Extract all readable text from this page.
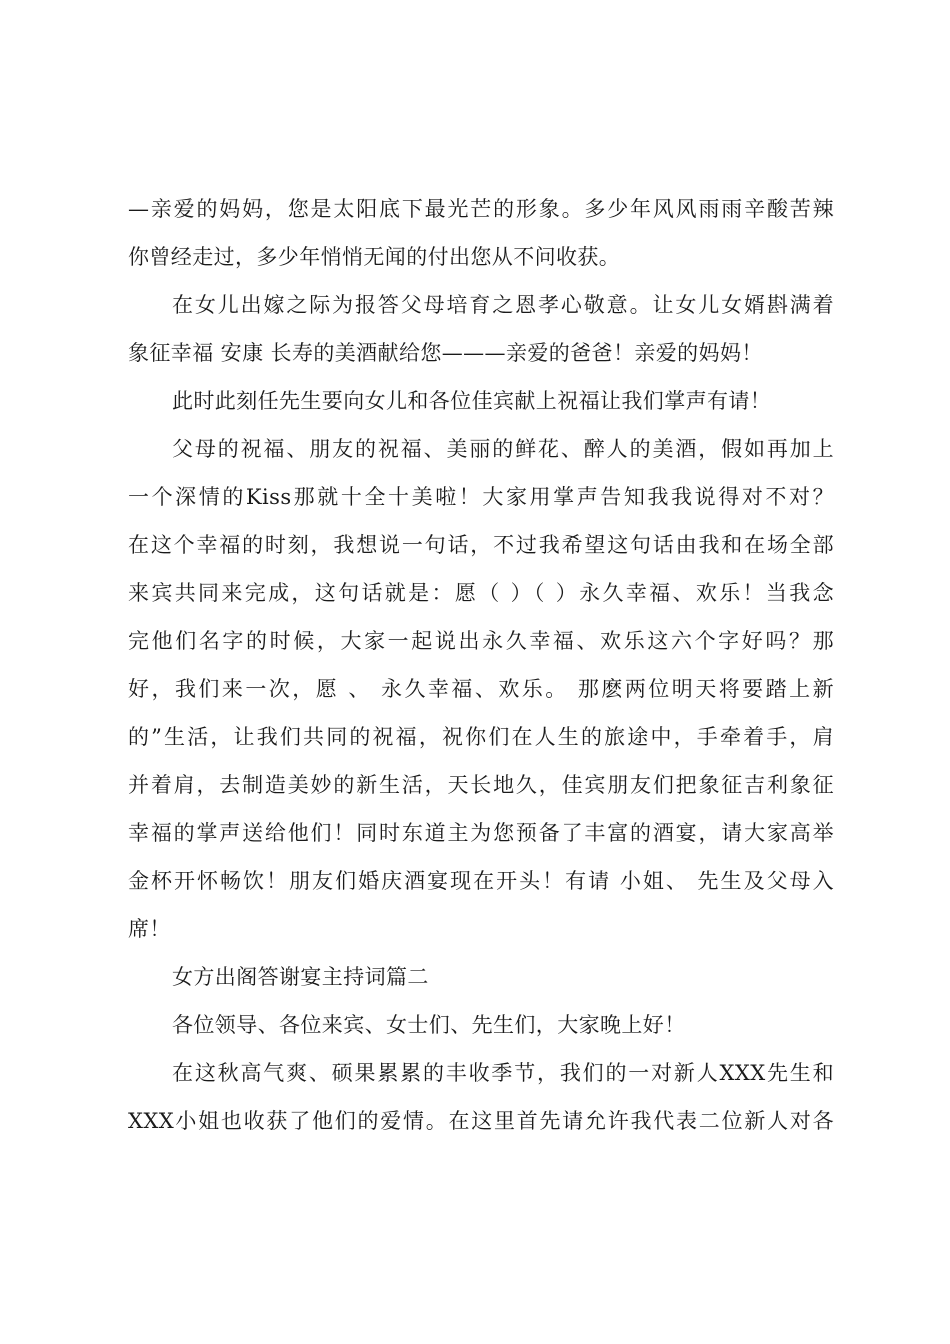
—亲爱的妈妈，您是太阳底下最光芒的形象。多少年风风雨雨辛酸苦辣
你曾经走过，多少年悄悄无闻的付出您从不问收获。
在女儿出嫁之际为报答父母培育之恩孝心敬意。让女儿女婿斟满着
象征幸福 安康 长寿的美酒献给您———亲爱的爸爸！亲爱的妈妈！
此时此刻任先生要向女儿和各位佳宾献上祝福让我们掌声有请！
父母的祝福、朋友的祝福、美丽的鲜花、醉人的美酒，假如再加上
一个深情的Kiss那就十全十美啦！大家用掌声告知我我说得对不对？
在这个幸福的时刻，我想说一句话，不过我希望这句话由我和在场全部
来宾共同来完成，这句话就是：愿（ ）（ ）永久幸福、欢乐！当我念
完他们名字的时候，大家一起说出永久幸福、欢乐这六个字好吗？那
好，我们来一次，愿 、 永久幸福、欢乐。 那麽两位明天将要踏上新
的”生活，让我们共同的祝福，祝你们在人生的旅途中，手牵着手，肩
并着肩，去制造美妙的新生活，天长地久，佳宾朋友们把象征吉利象征
幸福的掌声送给他们！同时东道主为您预备了丰富的酒宴，请大家高举
金杯开怀畅饮！朋友们婚庆酒宴现在开头！有请 小姐、 先生及父母入
席！
女方出阁答谢宴主持词篇二
各位领导、各位来宾、女士们、先生们，大家晚上好！
在这秋高气爽、硕果累累的丰收季节，我们的一对新人XXX先生和
XXX小姐也收获了他们的爱情。在这里首先请允许我代表二位新人对各
